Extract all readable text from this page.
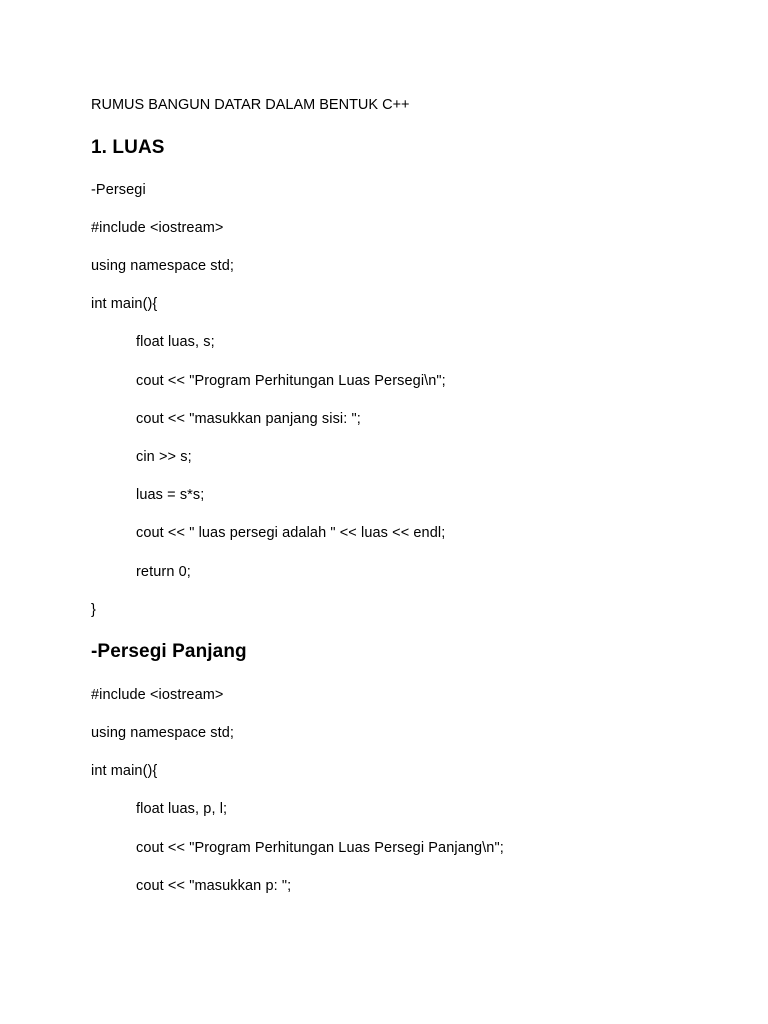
RUMUS BANGUN DATAR DALAM BENTUK C++
1. LUAS
-Persegi
#include <iostream>
using namespace std;
int main(){
float luas, s;
cout << "Program Perhitungan Luas Persegi\n";
cout << "masukkan panjang sisi: ";
cin >> s;
luas = s*s;
cout << " luas persegi adalah " << luas << endl;
return 0;
}
-Persegi Panjang
#include <iostream>
using namespace std;
int main(){
float luas, p, l;
cout << "Program Perhitungan Luas Persegi Panjang\n";
cout << "masukkan p: ";
